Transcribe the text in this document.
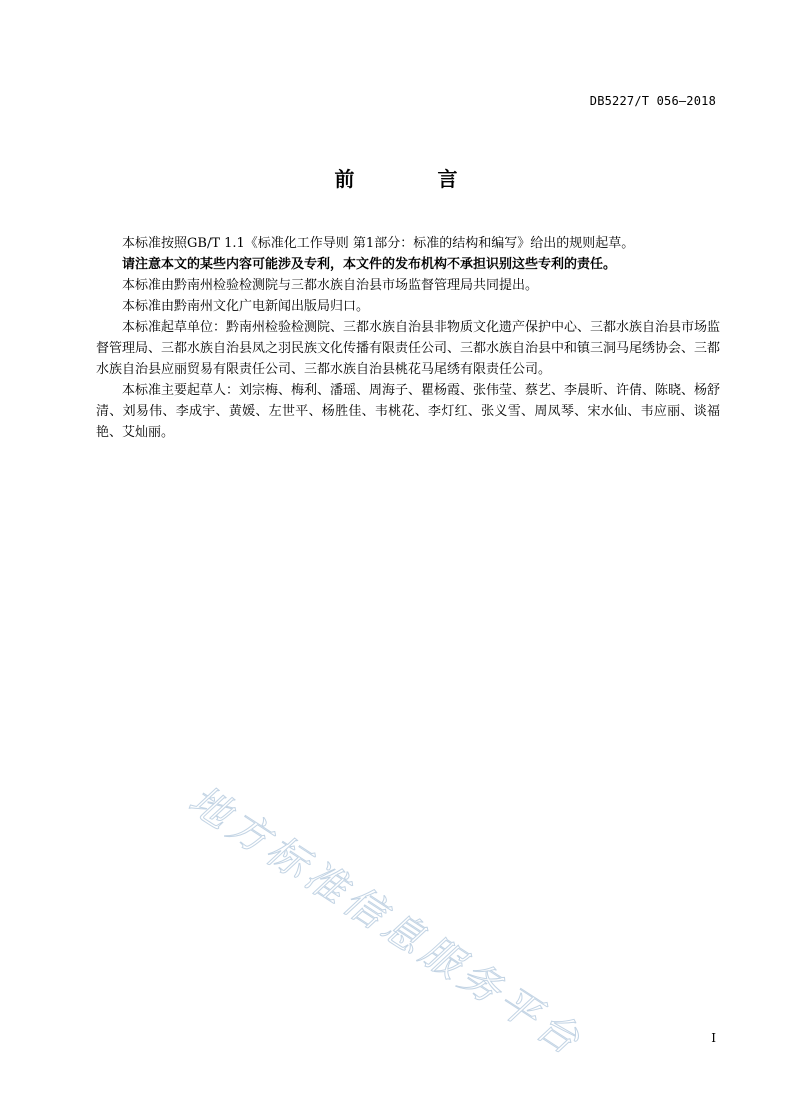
DB5227/T 056—2018
前 言

本标准按照GB/T 1.1《标准化工作导则 第1部分：标准的结构和编写》给出的规则起草。

请注意本文的某些内容可能涉及专利，本文件的发布机构不承担识别这些专利的责任。

本标准由黔南州检验检测院与三都水族自治县市场监督管理局共同提出。

本标准由黔南州文化广电新闻出版局归口。

本标准起草单位：黔南州检验检测院、三都水族自治县非物质文化遗产保护中心、三都水族自治县市场监督管理局、三都水族自治县凤之羽民族文化传播有限责任公司、三都水族自治县中和镇三洞马尾绣协会、三都水族自治县应丽贸易有限责任公司、三都水族自治县桃花马尾绣有限责任公司。

本标准主要起草人：刘宗梅、梅利、潘瑶、周海子、瞿杨霞、张伟莹、蔡艺、李晨昕、许倩、陈晓、杨舒清、刘易伟、李成宇、黄媛、左世平、杨胜佳、韦桃花、李灯红、张义雪、周凤琴、宋水仙、韦应丽、谈福艳、艾灿丽。

地方标准信息服务平台	I
